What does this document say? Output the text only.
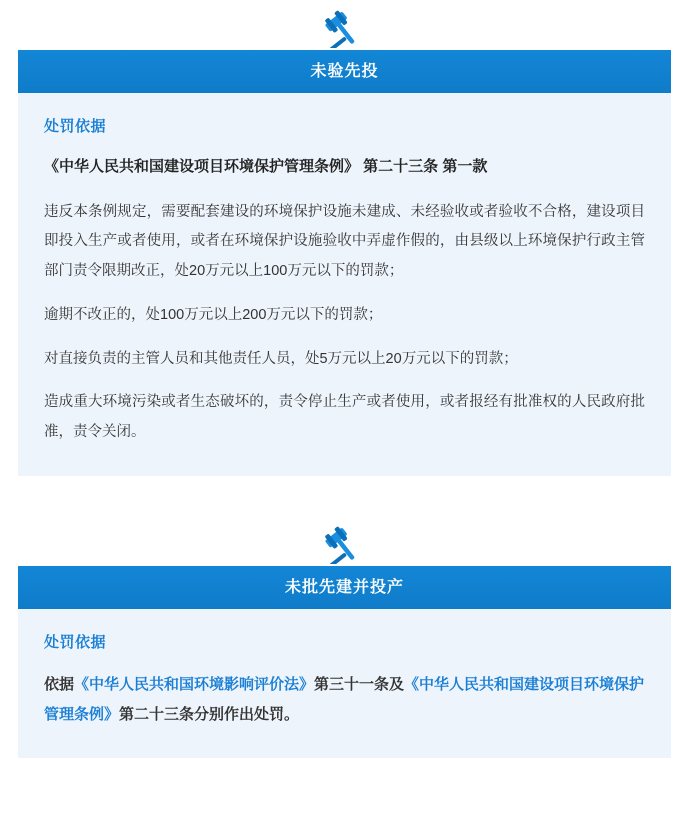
未验先投
处罚依据
《中华人民共和国建设项目环境保护管理条例》 第二十三条 第一款

违反本条例规定，需要配套建设的环境保护设施未建成、未经验收或者验收不合格，建设项目即投入生产或者使用，或者在环境保护设施验收中弄虚作假的，由县级以上环境保护行政主管部门责令限期改正，处20万元以上100万元以下的罚款；

逾期不改正的，处100万元以上200万元以下的罚款；

对直接负责的主管人员和其他责任人员，处5万元以上20万元以下的罚款；

造成重大环境污染或者生态破坏的，责令停止生产或者使用，或者报经有批准权的人民政府批准，责令关闭。

未批先建并投产
处罚依据

依据《中华人民共和国环境影响评价法》第三十一条及《中华人民共和国建设项目环境保护管理条例》第二十三条分别作出处罚。
